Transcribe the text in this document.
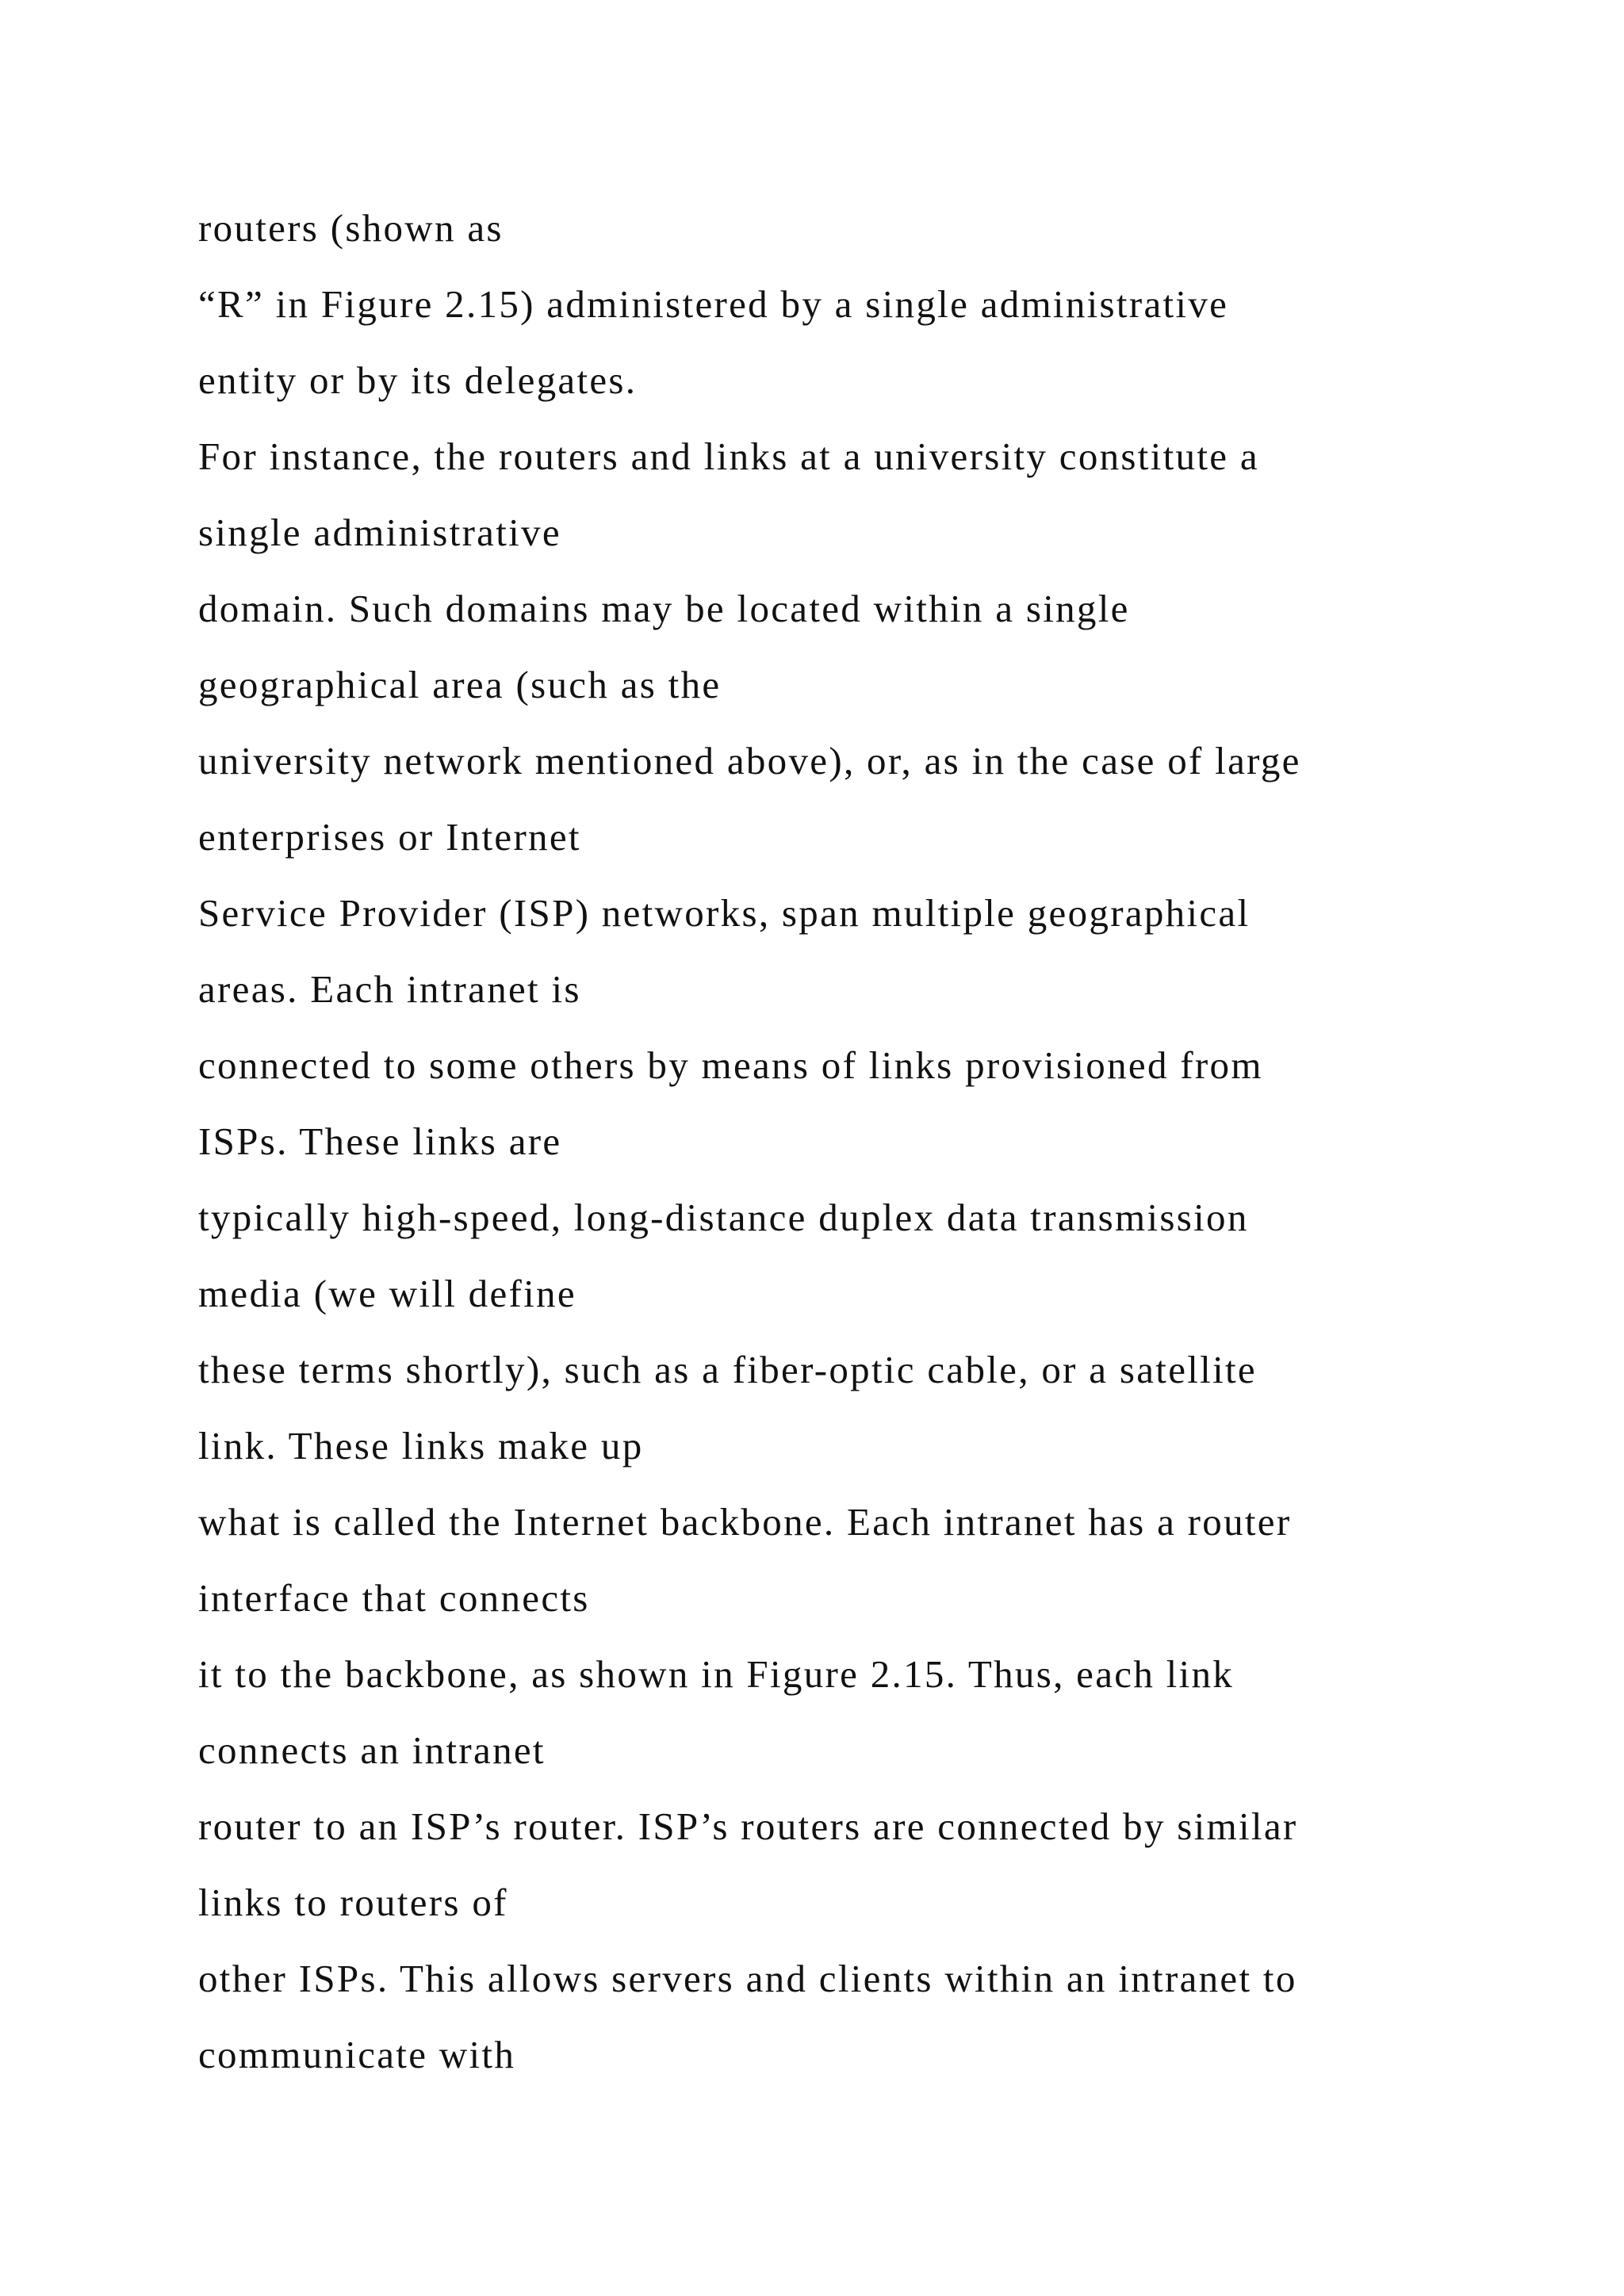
routers (shown as
“R” in Figure 2.15) administered by a single administrative
entity or by its delegates.
For instance, the routers and links at a university constitute a
single administrative
domain. Such domains may be located within a single
geographical area (such as the
university network mentioned above), or, as in the case of large
enterprises or Internet
Service Provider (ISP) networks, span multiple geographical
areas. Each intranet is
connected to some others by means of links provisioned from
ISPs. These links are
typically high-speed, long-distance duplex data transmission
media (we will define
these terms shortly), such as a fiber-optic cable, or a satellite
link. These links make up
what is called the Internet backbone. Each intranet has a router
interface that connects
it to the backbone, as shown in Figure 2.15. Thus, each link
connects an intranet
router to an ISP’s router. ISP’s routers are connected by similar
links to routers of
other ISPs. This allows servers and clients within an intranet to
communicate with
